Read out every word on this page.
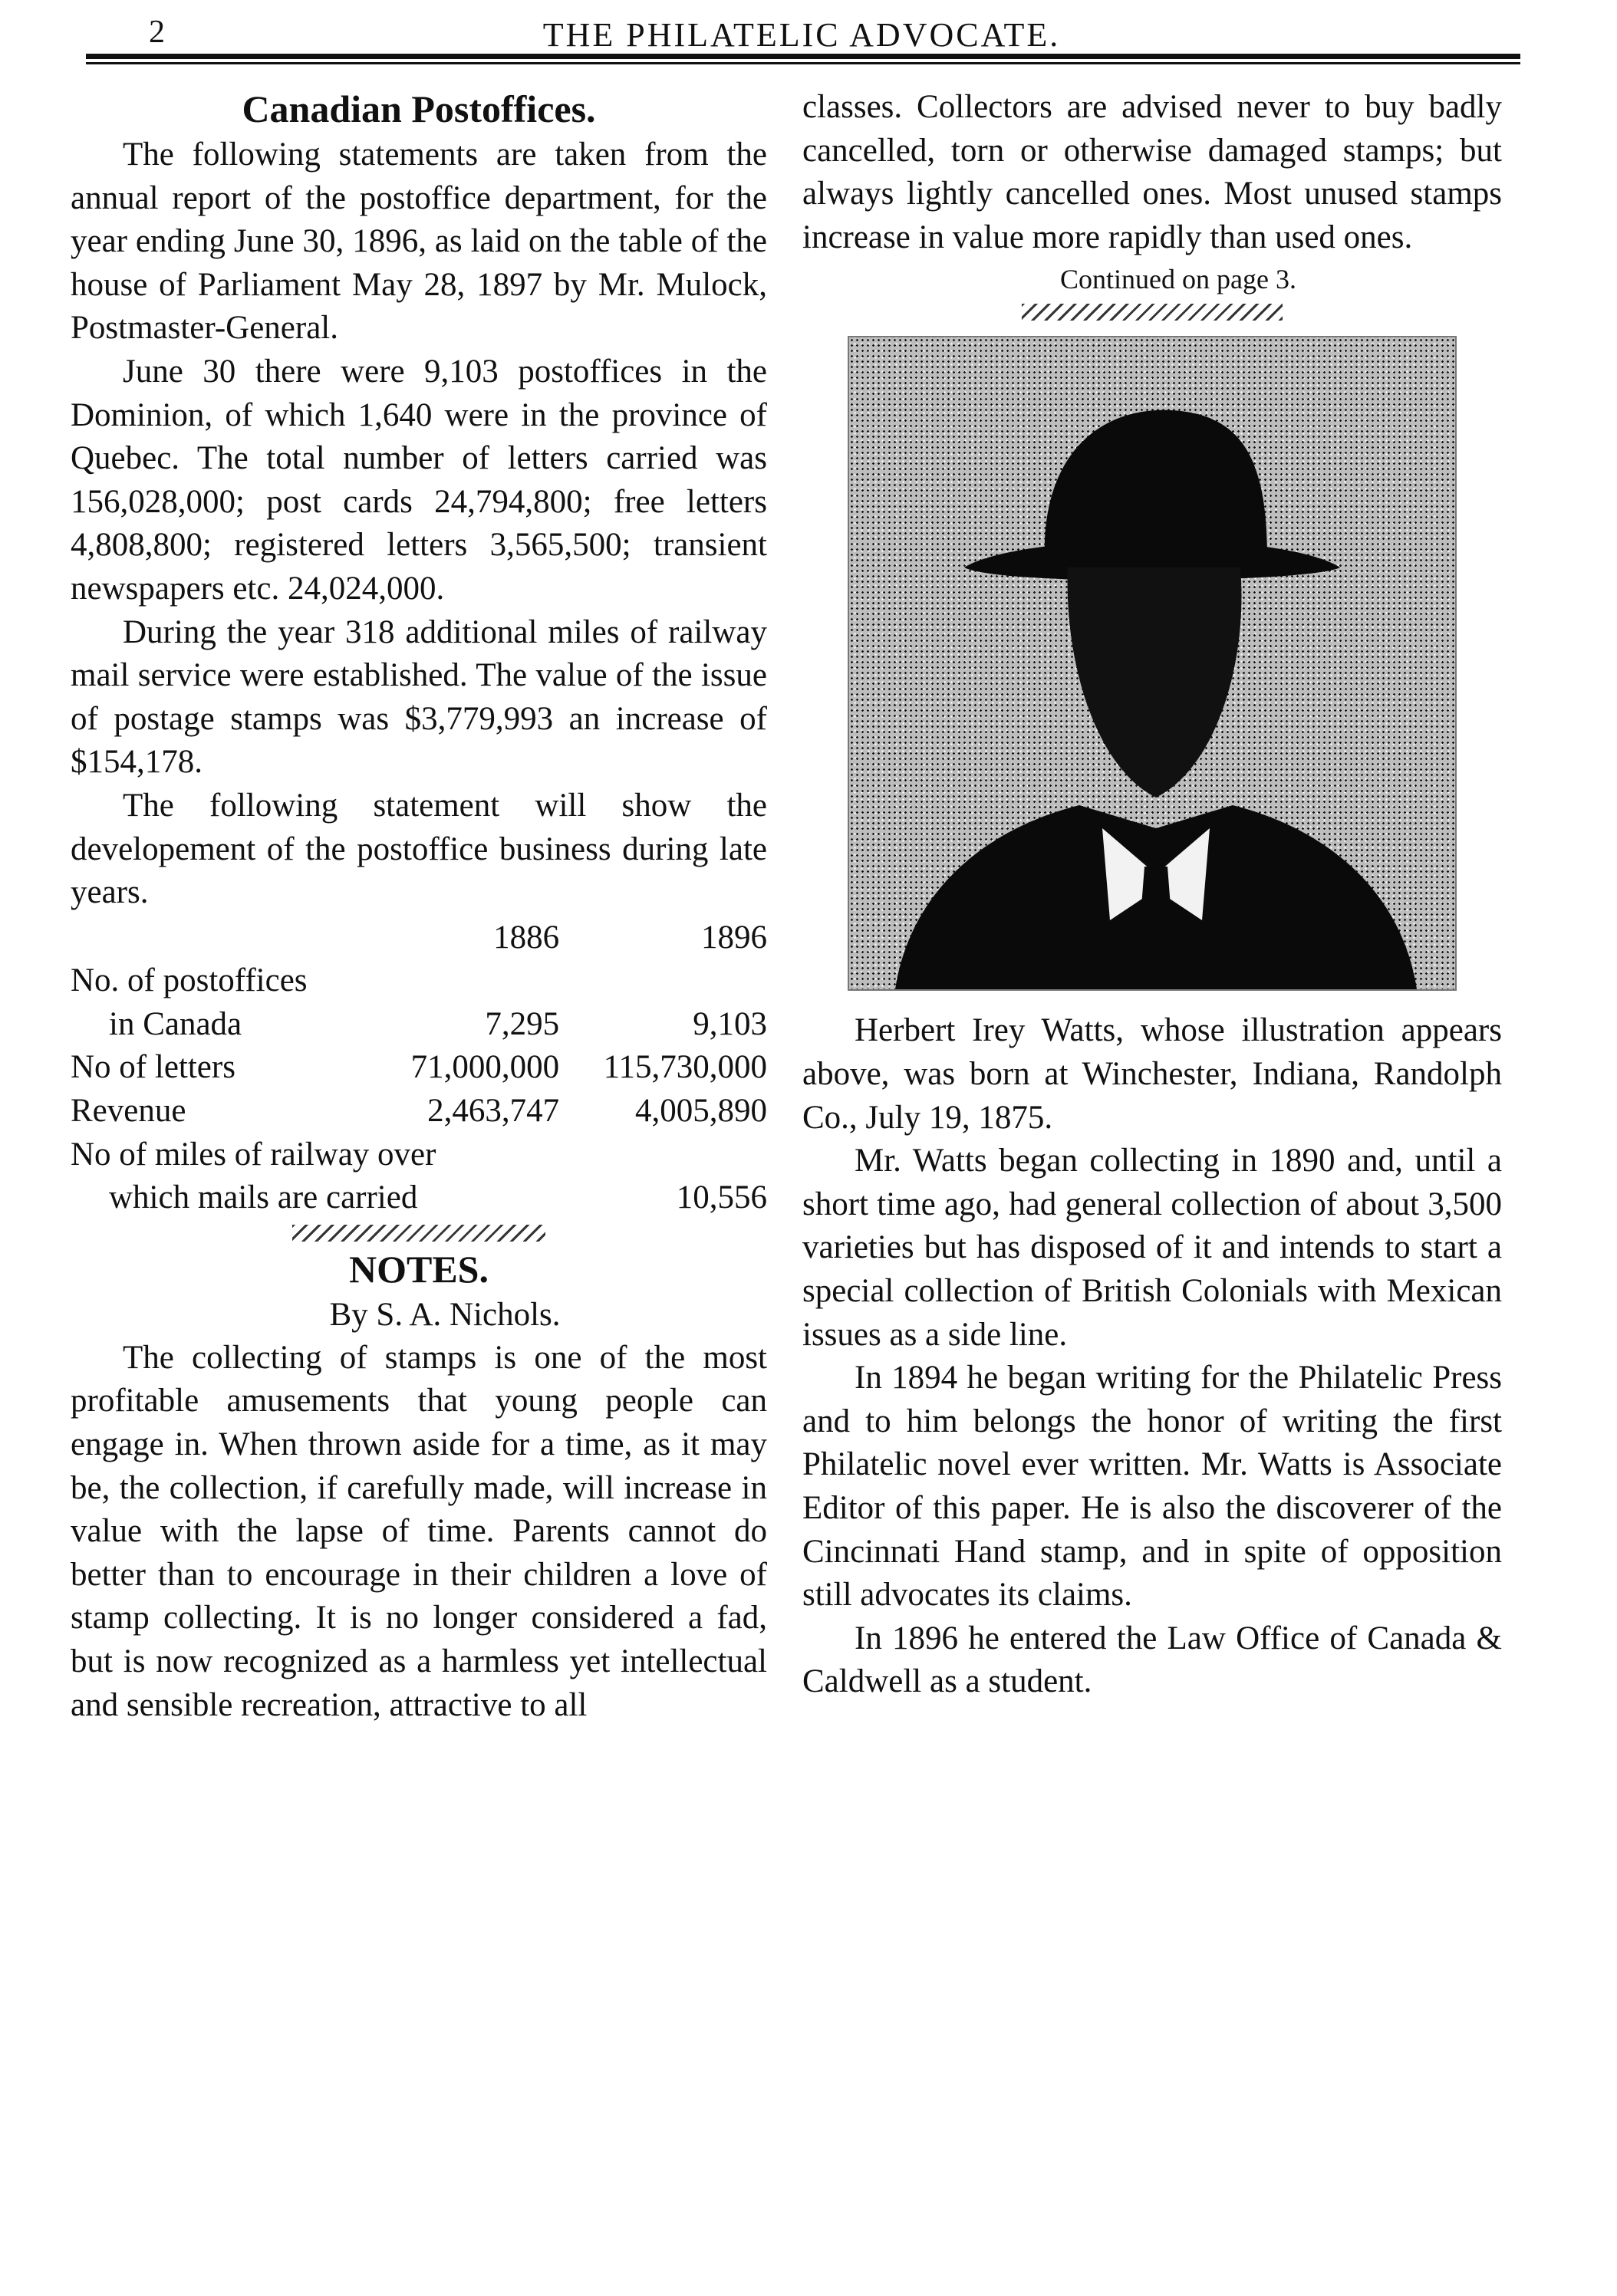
2	THE PHILATELIC ADVOCATE.
Canadian Postoffices.

The following statements are taken from the annual report of the postoffice department, for the year ending June 30, 1896, as laid on the table of the house of Parliament May 28, 1897 by Mr. Mulock, Postmaster-General.

June 30 there were 9,103 postoffices in the Dominion, of which 1,640 were in the province of Quebec. The total number of letters carried was 156,028,000; post cards 24,794,800; free letters 4,808,800; registered letters 3,565,500; transient newspapers etc. 24,024,000.

During the year 318 additional miles of railway mail service were established. The value of the issue of postage stamps was $3,779,993 an increase of $154,178.

The following statement will show the developement of the postoffice business during late years.

	1886	1896
No. of postoffices		
in Canada	7,295	9,103
No of letters	71,000,000	115,730,000
Revenue	2,463,747	4,005,890
No of miles of railway over		
which mails are carried		10,556
NOTES.

By S. A. Nichols.

The collecting of stamps is one of the most profitable amusements that young people can engage in. When thrown aside for a time, as it may be, the collection, if carefully made, will increase in value with the lapse of time. Parents cannot do better than to encourage in their children a love of stamp collecting. It is no longer considered a fad, but is now recognized as a harmless yet intellectual and sensible recreation, attractive to all

classes. Collectors are advised never to buy badly cancelled, torn or otherwise damaged stamps; but always lightly cancelled ones. Most unused stamps increase in value more rapidly than used ones.

Continued on page 3.

Herbert Irey Watts, whose illustration appears above, was born at Winchester, Indiana, Randolph Co., July 19, 1875.

Mr. Watts began collecting in 1890 and, until a short time ago, had general collection of about 3,500 varieties but has disposed of it and intends to start a special collection of British Colonials with Mexican issues as a side line.

In 1894 he began writing for the Philatelic Press and to him belongs the honor of writing the first Philatelic novel ever written. Mr. Watts is Associate Editor of this paper. He is also the discoverer of the Cincinnati Hand stamp, and in spite of opposition still advocates its claims.

In 1896 he entered the Law Office of Canada & Caldwell as a student.
